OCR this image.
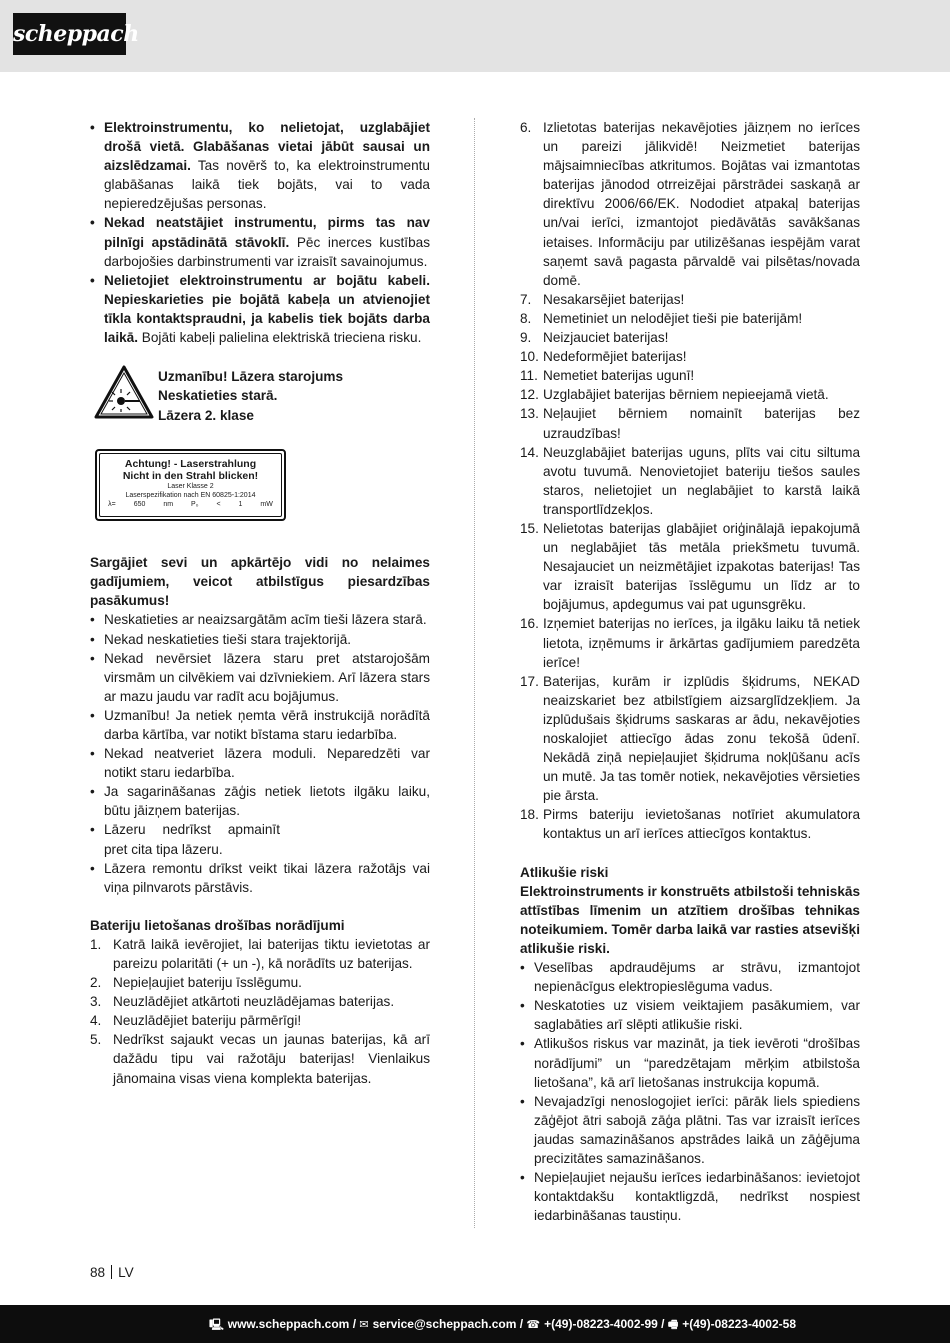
scheppach
• Elektroinstrumentu, ko nelietojat, uzglabājiet drošā vietā. Glabāšanas vietai jābūt sausai un aizslēdzamai. Tas novērš to, ka elektroinstrumentu glabāšanas laikā tiek bojāts, vai to vada nepieredzējušas personas.
• Nekad neatstājiet instrumentu, pirms tas nav pilnīgi apstādinātā stāvoklī. Pēc inerces kustības darbojošies darbinstrumenti var izraisīt savainojumus.
• Nelietojiet elektroinstrumentu ar bojātu kabeli. Nepieskarieties pie bojātā kabeļa un atvienojiet tīkla kontaktspraudni, ja kabelis tiek bojāts darba laikā. Bojāti kabeļi palielina elektriskā trieciena risku.
Uzmanību! Lāzera starojums
Neskatieties starā.
Lāzera 2. klase
Achtung! - Laserstrahlung
Nicht in den Strahl blicken!
Laser Klasse 2
Laserspezifikation nach EN 60825-1:2014
λ= 650 nm P₀ < 1 mW
Sargājiet sevi un apkārtējo vidi no nelaimes gadījumiem, veicot atbilstīgus piesardzības pasākumus!
• Neskatieties ar neaizsargātām acīm tieši lāzera starā.
• Nekad neskatieties tieši stara trajektorijā.
• Nekad nevērsiet lāzera staru pret atstarojošām virsmām un cilvēkiem vai dzīvniekiem. Arī lāzera stars ar mazu jaudu var radīt acu bojājumus.
• Uzmanību! Ja netiek ņemta vērā instrukcijā norādītā darba kārtība, var notikt bīstama staru iedarbība.
• Nekad neatveriet lāzera moduli. Neparedzēti var notikt staru iedarbība.
• Ja sagarināšanas zāģis netiek lietots ilgāku laiku, būtu jāizņem baterijas.
• Lāzeru nedrīkst apmainīt pret cita tipa lāzeru.
• Lāzera remontu drīkst veikt tikai lāzera ražotājs vai viņa pilnvarots pārstāvis.
Bateriju lietošanas drošības norādījumi
1. Katrā laikā ievērojiet, lai baterijas tiktu ievietotas ar pareizu polaritāti (+ un -), kā norādīts uz baterijas.
2. Nepieļaujiet bateriju īsslēgumu.
3. Neuzlādējiet atkārtoti neuzlādējamas baterijas.
4. Neuzlādējiet bateriju pārmērīgi!
5. Nedrīkst sajaukt vecas un jaunas baterijas, kā arī dažādu tipu vai ražotāju baterijas! Vienlaikus jānomaina visas viena komplekta baterijas.
6. Izlietotas baterijas nekavējoties jāizņem no ierīces un pareizi jālikvidē! Neizmetiet baterijas mājsaimniecības atkritumos. Bojātas vai izmantotas baterijas jānodod otrreizējai pārstrādei saskaņā ar direktīvu 2006/66/EK. Nododiet atpakaļ baterijas un/vai ierīci, izmantojot piedāvātās savākšanas ietaises. Informāciju par utilizēšanas iespējām varat saņemt savā pagasta pārvaldē vai pilsētas/novada domē.
7. Nesakarsējiet baterijas!
8. Nemetiniet un nelodējiet tieši pie baterijām!
9. Neizjauciet baterijas!
10. Nedeformējiet baterijas!
11. Nemetiet baterijas ugunī!
12. Uzglabājiet baterijas bērniem nepieejamā vietā.
13. Neļaujiet bērniem nomainīt baterijas bez uzraudzības!
14. Neuzglabājiet baterijas uguns, plīts vai citu siltuma avotu tuvumā. Nenovietojiet bateriju tiešos saules staros, nelietojiet un neglabājiet to karstā laikā transportlīdzekļos.
15. Nelietotas baterijas glabājiet oriģinālajā iepakojumā un neglabājiet tās metāla priekšmetu tuvumā. Nesajauciet un neizmētājiet izpakotas baterijas! Tas var izraisīt baterijas īsslēgumu un līdz ar to bojājumus, apdegumus vai pat ugunsgrēku.
16. Izņemiet baterijas no ierīces, ja ilgāku laiku tā netiek lietota, izņēmums ir ārkārtas gadījumiem paredzēta ierīce!
17. Baterijas, kurām ir izplūdis šķidrums, NEKAD neaizskariet bez atbilstīgiem aizsarglīdzekļiem. Ja izplūdušais šķidrums saskaras ar ādu, nekavējoties noskalojiet attiecīgo ādas zonu tekošā ūdenī. Nekādā ziņā nepieļaujiet šķidruma nokļūšanu acīs un mutē. Ja tas tomēr notiek, nekavējoties vērsieties pie ārsta.
18. Pirms bateriju ievietošanas notīriet akumulatora kontaktus un arī ierīces attiecīgos kontaktus.
Atlikušie riski
Elektroinstruments ir konstruēts atbilstoši tehniskās attīstības līmenim un atzītiem drošības tehnikas noteikumiem. Tomēr darba laikā var rasties atsevišķi atlikušie riski.
• Veselības apdraudējums ar strāvu, izmantojot nepienācīgus elektropieslēguma vadus.
• Neskatoties uz visiem veiktajiem pasākumiem, var saglabāties arī slēpti atlikušie riski.
• Atlikušos riskus var mazināt, ja tiek ievēroti “drošības norādījumi” un “paredzētajam mērķim atbilstoša lietošana”, kā arī lietošanas instrukcija kopumā.
• Nevajadzīgi nenoslogojiet ierīci: pārāk liels spiediens zāģējot ātri sabojā zāģa plātni. Tas var izraisīt ierīces jaudas samazināšanos apstrādes laikā un zāģējuma precizitātes samazināšanos.
• Nepieļaujiet nejaušu ierīces iedarbināšanos: ievietojot kontaktdakšu kontaktligzdā, nedrīkst nospiest iedarbināšanas taustiņu.
88 LV
🖳 www.scheppach.com / ✉ service@scheppach.com / ☎ +(49)-08223-4002-99 / 🖷 +(49)-08223-4002-58
